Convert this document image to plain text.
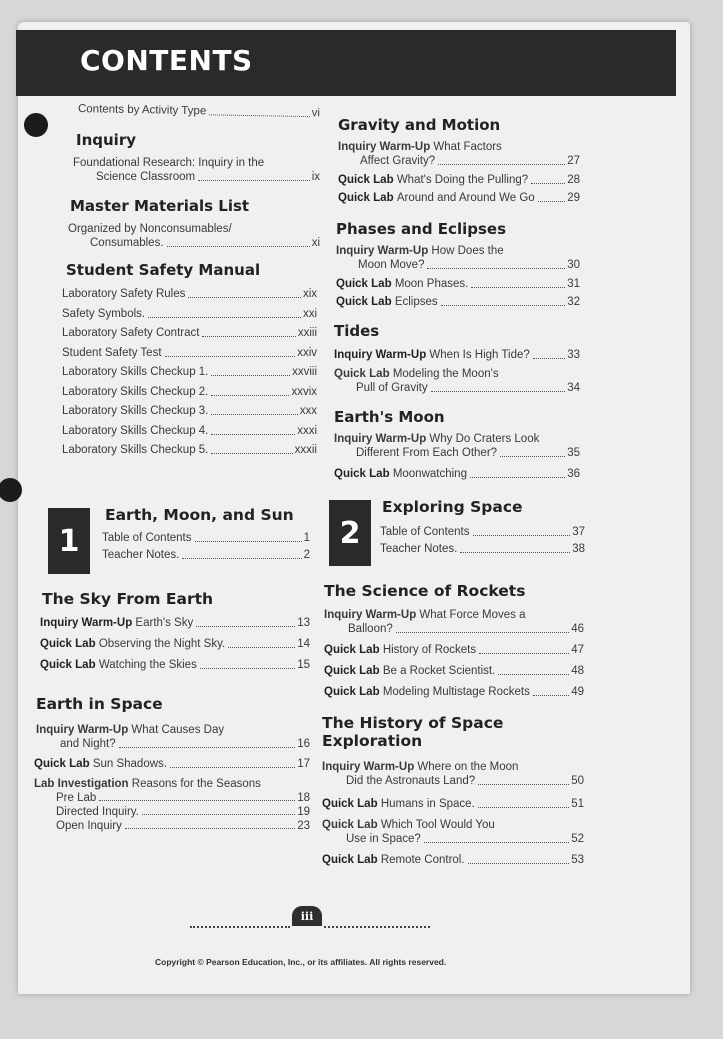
CONTENTS
Contents by Activity Type	vi
Inquiry
Foundational Research: Inquiry in the
Science Classroom	ix
Master Materials List
Organized by Nonconsumables/
Consumables.	xi
Student Safety Manual
Laboratory Safety Rules	xix
Safety Symbols.	xxi
Laboratory Safety Contract	xxiii
Student Safety Test	xxiv
Laboratory Skills Checkup 1.	xxviii
Laboratory Skills Checkup 2.	xxvix
Laboratory Skills Checkup 3.	xxx
Laboratory Skills Checkup 4.	xxxi
Laboratory Skills Checkup 5.	xxxii
Gravity and Motion
Inquiry Warm-Up
What Factors
Affect Gravity?	27
Quick Lab What's Doing the Pulling?	28
Quick Lab Around and Around We Go	29
Phases and Eclipses
Inquiry Warm-Up
How Does the
Moon Move?	30
Quick Lab Moon Phases.	31
Quick Lab Eclipses	32
Tides
Inquiry Warm-Up When Is High Tide?	33
Quick Lab
Modeling the Moon's
Pull of Gravity	34
Earth's Moon
Inquiry Warm-Up
Why Do Craters Look
Different From Each Other?	35
Quick Lab Moonwatching	36
1
Earth, Moon, and Sun
Table of Contents	1
Teacher Notes.	2
The Sky From Earth
Inquiry Warm-Up Earth's Sky	13
Quick Lab Observing the Night Sky.	14
Quick Lab Watching the Skies	15
Earth in Space
Inquiry Warm-Up
What Causes Day
and Night?	16
Quick Lab Sun Shadows.	17
Lab Investigation
Reasons for the Seasons
Pre Lab	18
Directed Inquiry.	19
Open Inquiry	23
2
Exploring Space
Table of Contents	37
Teacher Notes.	38
The Science of Rockets
Inquiry Warm-Up
What Force Moves a
Balloon?	46
Quick Lab History of Rockets	47
Quick Lab Be a Rocket Scientist.	48
Quick Lab Modeling Multistage Rockets	49
The History of Space Exploration
Inquiry Warm-Up
Where on the Moon
Did the Astronauts Land?	50
Quick Lab Humans in Space.	51
Quick Lab
Which Tool Would You
Use in Space?	52
Quick Lab Remote Control.	53
iii
Copyright © Pearson Education, Inc., or its affiliates. All rights reserved.
